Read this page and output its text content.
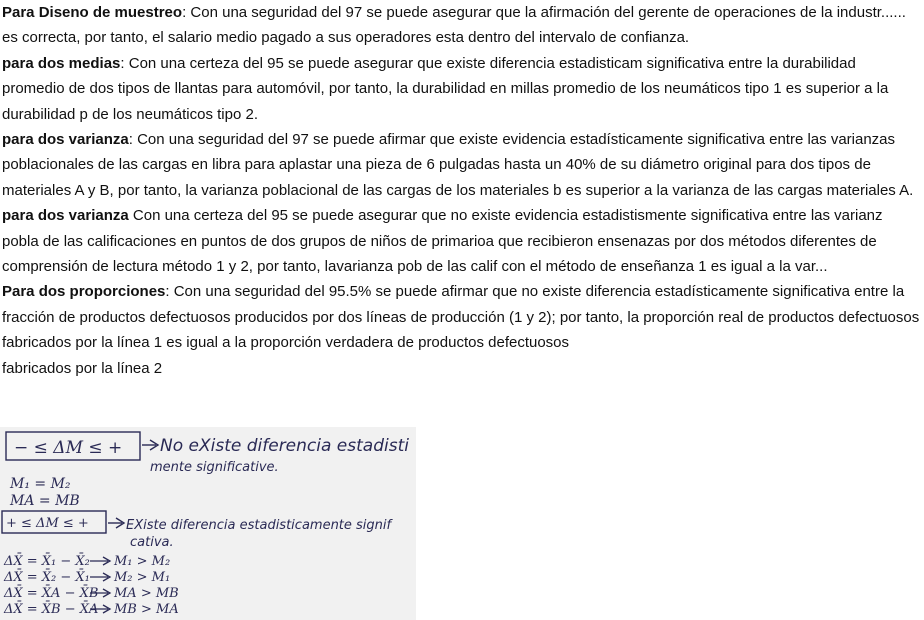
Para Diseno de muestreo: Con una seguridad del 97 se puede asegurar que la afirmación del gerente de operaciones de la industr...... es correcta, por tanto, el salario medio pagado a sus operadores esta dentro del intervalo de confianza.

para dos medias: Con una certeza del 95 se puede asegurar que existe diferencia estadisticam significativa entre la durabilidad promedio de dos tipos de llantas para automóvil, por tanto, la durabilidad en millas promedio de los neumáticos tipo 1 es superior a la durabilidad p de los neumáticos tipo 2.

para dos varianza: Con una seguridad del 97 se puede afirmar que existe evidencia estadísticamente significativa entre las varianzas poblacionales de las cargas en libra para aplastar una pieza de 6 pulgadas hasta un 40% de su diámetro original para dos tipos de materiales A y B, por tanto, la varianza poblacional de las cargas de los materiales b es superior a la varianza de las cargas materiales A.

para dos varianza Con una certeza del 95 se puede asegurar que no existe evidencia estadistismente significativa entre las varianz pobla de las calificaciones en puntos de dos grupos de niños de primarioa que recibieron ensenazas por dos métodos diferentes de comprensión de lectura método 1 y 2, por tanto, lavarianza pob de las calif con el método de enseñanza 1 es igual a la var...

Para dos proporciones: Con una seguridad del 95.5% se puede afirmar que no existe diferencia estadísticamente significativa entre la fracción de productos defectuosos producidos por dos líneas de producción (1 y 2); por tanto, la proporción real de productos defectuosos fabricados por la línea 1 es igual a la proporción verdadera de productos defectuosos
fabricados por la línea 2

− ≤ ΔM ≤ + No eXiste diferencia estadisti
mente significative.
M₁ = M₂
MA = MB
+ ≤ ΔM ≤ +	EXiste diferencia estadisticamente signif
cativa.
ΔX̄ = X̄₁ − X̄₂ M₁ > M₂
ΔX̄ = X̄₂ − X̄₁ M₂ > M₁
ΔX̄ = X̄A − X̄B MA > MB
ΔX̄ = X̄B − X̄A MB > MA
